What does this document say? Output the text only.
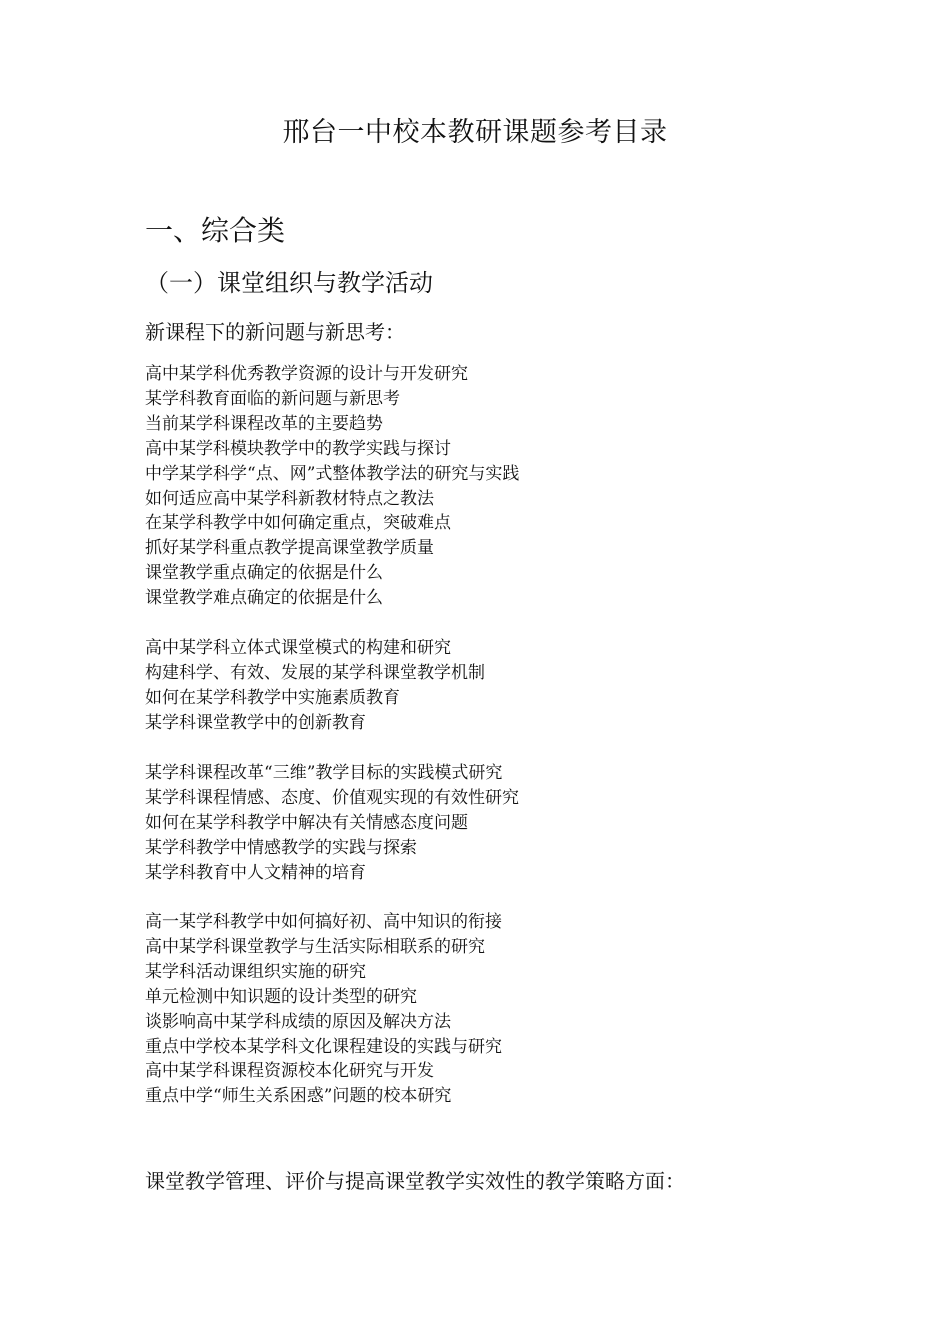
邢台一中校本教研课题参考目录
一、综合类
（一）课堂组织与教学活动
新课程下的新问题与新思考：
高中某学科优秀教学资源的设计与开发研究
某学科教育面临的新问题与新思考
当前某学科课程改革的主要趋势
高中某学科模块教学中的教学实践与探讨
中学某学科学“点、网”式整体教学法的研究与实践
如何适应高中某学科新教材特点之教法
在某学科教学中如何确定重点，突破难点
抓好某学科重点教学提高课堂教学质量
课堂教学重点确定的依据是什么
课堂教学难点确定的依据是什么
高中某学科立体式课堂模式的构建和研究
构建科学、有效、发展的某学科课堂教学机制
如何在某学科教学中实施素质教育
某学科课堂教学中的创新教育
某学科课程改革“三维”教学目标的实践模式研究
某学科课程情感、态度、价值观实现的有效性研究
如何在某学科教学中解决有关情感态度问题
某学科教学中情感教学的实践与探索
某学科教育中人文精神的培育
高一某学科教学中如何搞好初、高中知识的衔接
高中某学科课堂教学与生活实际相联系的研究
某学科活动课组织实施的研究
单元检测中知识题的设计类型的研究
谈影响高中某学科成绩的原因及解决方法
重点中学校本某学科文化课程建设的实践与研究
高中某学科课程资源校本化研究与开发
重点中学“师生关系困惑”问题的校本研究
课堂教学管理、评价与提高课堂教学实效性的教学策略方面：
